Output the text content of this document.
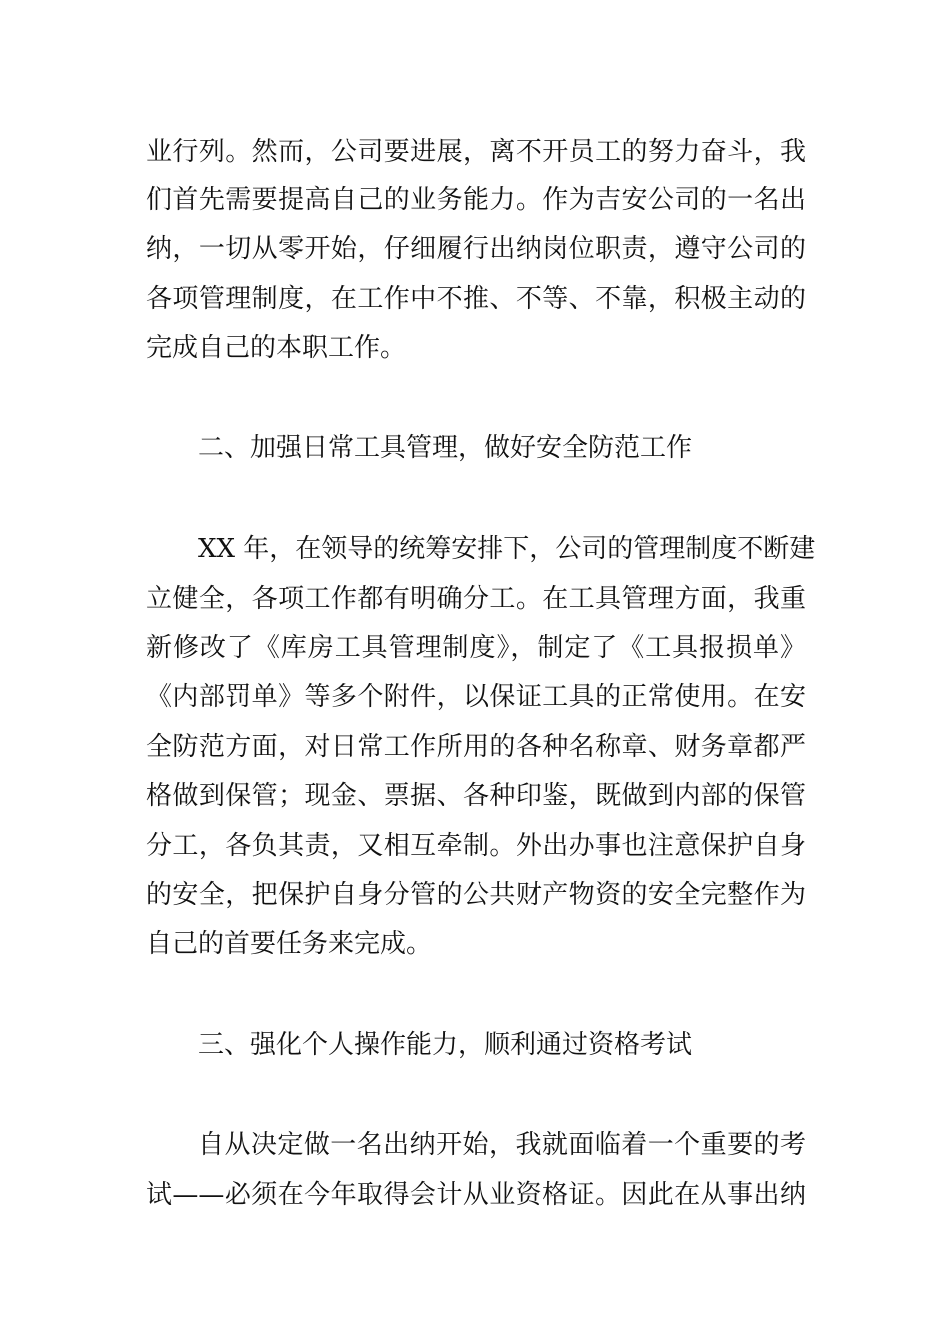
业行列。然而，公司要进展，离不开员工的努力奋斗，我
们首先需要提高自己的业务能力。作为吉安公司的一名出
纳，一切从零开始，仔细履行出纳岗位职责，遵守公司的
各项管理制度，在工作中不推、不等、不靠，积极主动的
完成自己的本职工作。
二、加强日常工具管理，做好安全防范工作
XX 年，在领导的统筹安排下，公司的管理制度不断建
立健全，各项工作都有明确分工。在工具管理方面，我重
新修改了《库房工具管理制度》，制定了《工具报损单》
《内部罚单》等多个附件，以保证工具的正常使用。在安
全防范方面，对日常工作所用的各种名称章、财务章都严
格做到保管；现金、票据、各种印鉴，既做到内部的保管
分工，各负其责，又相互牵制。外出办事也注意保护自身
的安全，把保护自身分管的公共财产物资的安全完整作为
自己的首要任务来完成。
三、强化个人操作能力，顺利通过资格考试
自从决定做一名出纳开始，我就面临着一个重要的考
试——必须在今年取得会计从业资格证。因此在从事出纳
